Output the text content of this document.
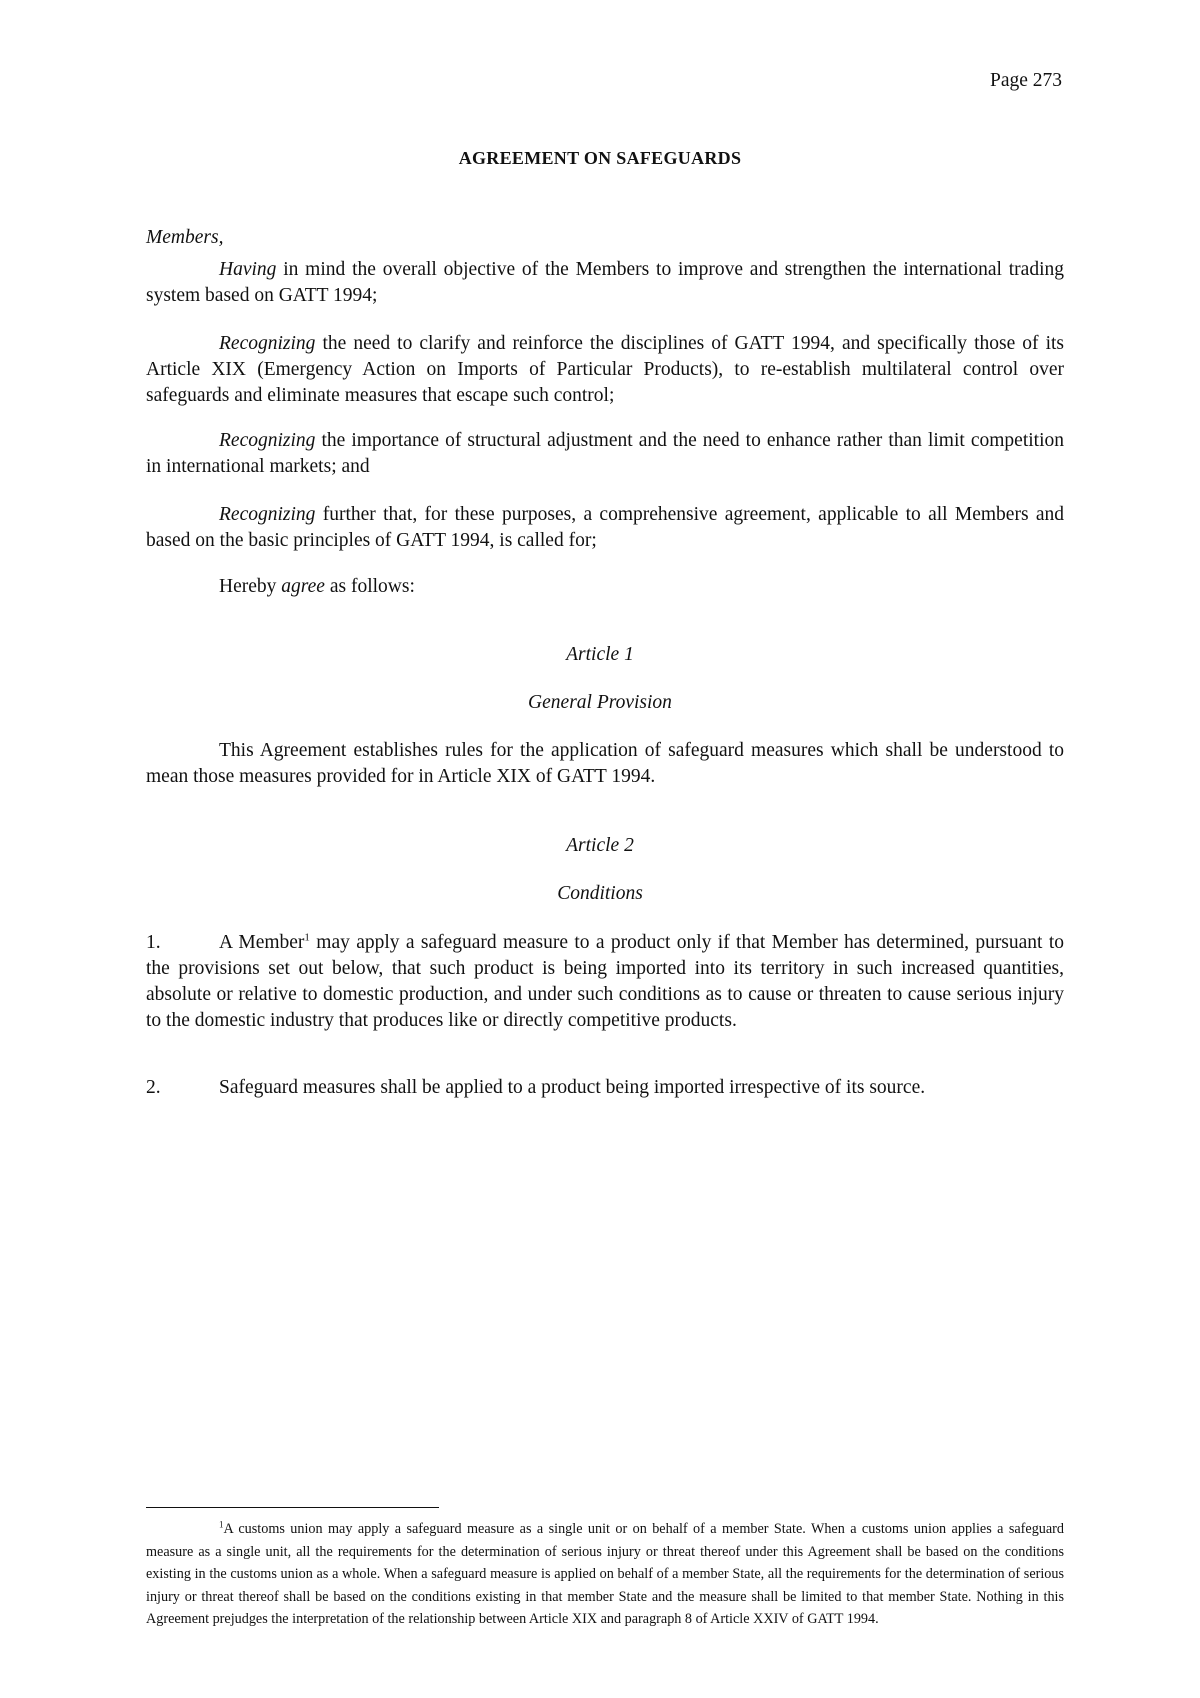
Page 273
AGREEMENT ON SAFEGUARDS
Members,

Having in mind the overall objective of the Members to improve and strengthen the international trading system based on GATT 1994;

Recognizing the need to clarify and reinforce the disciplines of GATT 1994, and specifically those of its Article XIX (Emergency Action on Imports of Particular Products), to re-establish multilateral control over safeguards and eliminate measures that escape such control;

Recognizing the importance of structural adjustment and the need to enhance rather than limit competition in international markets; and

Recognizing further that, for these purposes, a comprehensive agreement, applicable to all Members and based on the basic principles of GATT 1994, is called for;

Hereby agree as follows:

Article 1
General Provision

This Agreement establishes rules for the application of safeguard measures which shall be understood to mean those measures provided for in Article XIX of GATT 1994.

Article 2
Conditions

1.	A Member$^1$ may apply a safeguard measure to a product only if that Member has determined, pursuant to the provisions set out below, that such product is being imported into its territory in such increased quantities, absolute or relative to domestic production, and under such conditions as to cause or threaten to cause serious injury to the domestic industry that produces like or directly competitive products.

2.	Safeguard measures shall be applied to a product being imported irrespective of its source.

$^1$A customs union may apply a safeguard measure as a single unit or on behalf of a member State. When a customs union applies a safeguard measure as a single unit, all the requirements for the determination of serious injury or threat thereof under this Agreement shall be based on the conditions existing in the customs union as a whole. When a safeguard measure is applied on behalf of a member State, all the requirements for the determination of serious injury or threat thereof shall be based on the conditions existing in that member State and the measure shall be limited to that member State. Nothing in this Agreement prejudges the interpretation of the relationship between Article XIX and paragraph 8 of Article XXIV of GATT 1994.
